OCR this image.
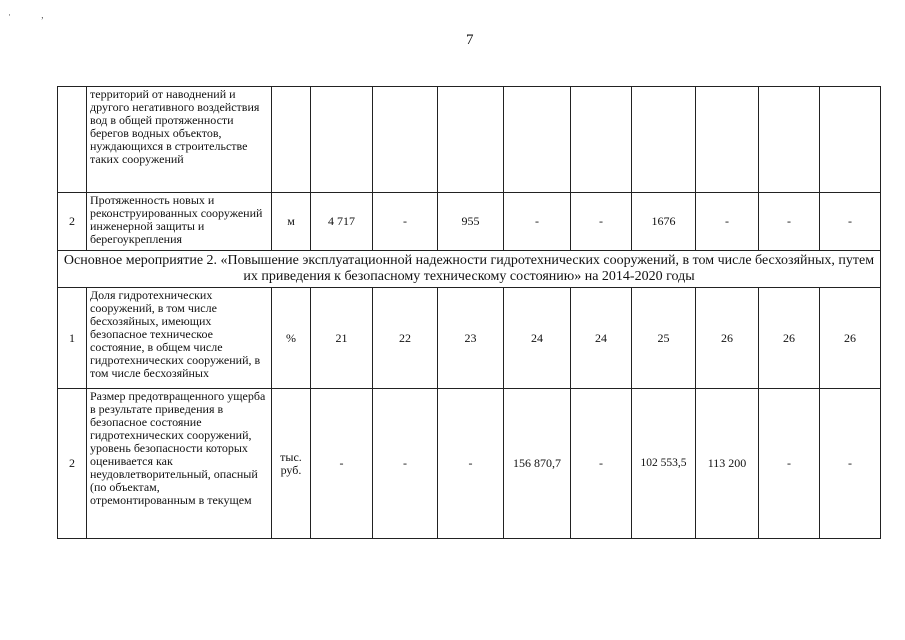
· ,
7
	территорий от наводнений и другого негативного воздействия вод в общей протяженности берегов водных объектов, нуждающихся в строительстве таких сооружений										
2	Протяженность новых и реконструированных сооружений инженерной защиты и берегоукрепления	м	4 717	-	955	-	-	1676	-	-	-
Основное мероприятие 2. «Повышение эксплуатационной надежности гидротехнических сооружений, в том числе бесхозяйных, путем их приведения к безопасному техническому состоянию» на 2014-2020 годы											
1	Доля гидротехнических сооружений, в том числе бесхозяйных, имеющих безопасное техническое состояние, в общем числе гидротехнических сооружений, в том числе бесхозяйных	%	21	22	23	24	24	25	26	26	26
2	Размер предотвращенного ущерба в результате приведения в безопасное состояние гидротехнических сооружений, уровень безопасности которых оценивается как неудовлетворительный, опасный (по объектам, отремонтированным в текущем	тыс. руб.	-	-	-	156 870,7	-	102 553,5	113 200	-	-
